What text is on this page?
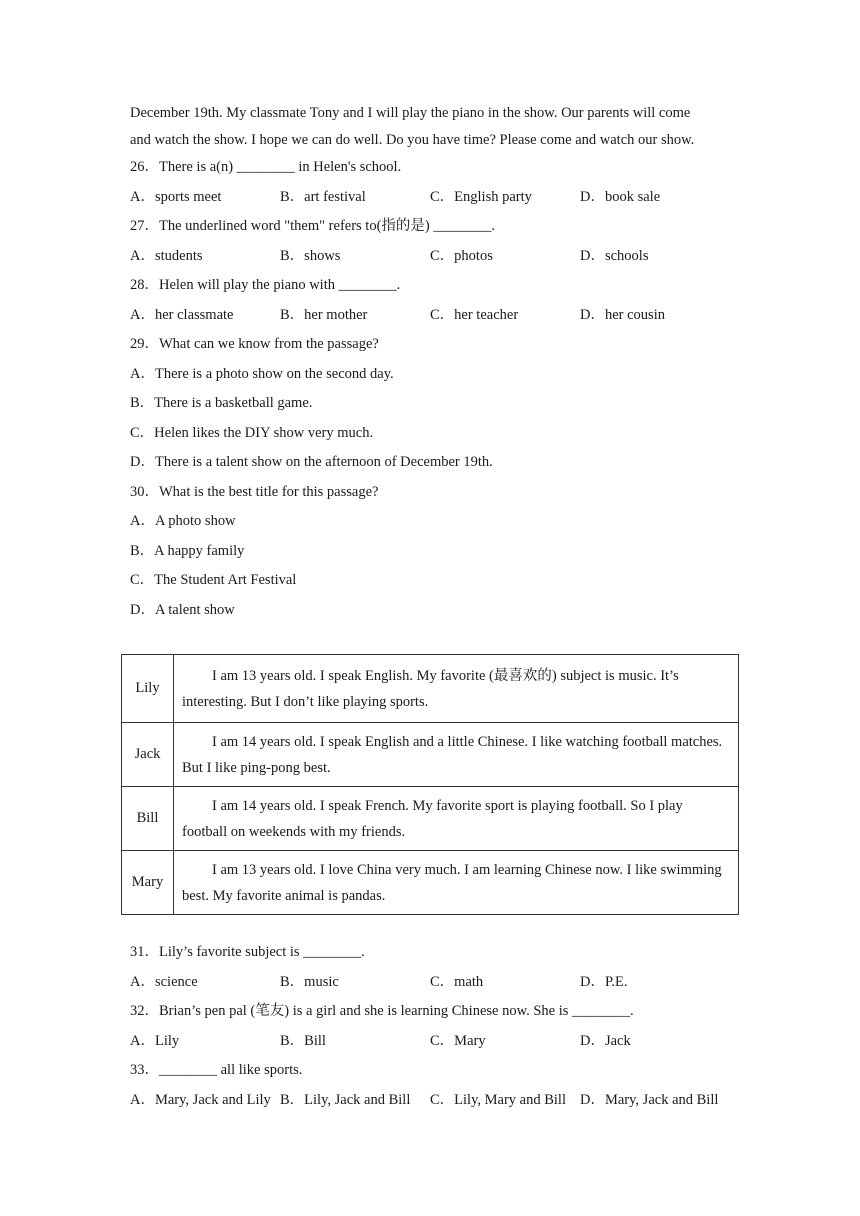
December 19th. My classmate Tony and I will play the piano in the show. Our parents will come
and watch the show. I hope we can do well. Do you have time? Please come and watch our show.
26．There is a(n) ________ in Helen's school.
A．sports meet	B．art festival	C．English party	D．book sale
27．The underlined word "them" refers to(指的是) ________.
A．students	B．shows	C．photos	D．schools
28．Helen will play the piano with ________.
A．her classmate	B．her mother	C．her teacher	D．her cousin
29．What can we know from the passage?
A．There is a photo show on the second day.
B．There is a basketball game.
C．Helen likes the DIY show very much.
D．There is a talent show on the afternoon of December 19th.
30．What is the best title for this passage?
A．A photo show
B．A happy family
C．The Student Art Festival
D．A talent show
Lily	I am 13 years old. I speak English. My favorite (最喜欢的) subject is music. It’s interesting. But I don’t like playing sports.
Jack	I am 14 years old. I speak English and a little Chinese. I like watching football matches. But I like ping-pong best.
Bill	I am 14 years old. I speak French. My favorite sport is playing football. So I play football on weekends with my friends.
Mary	I am 13 years old. I love China very much. I am learning Chinese now. I like swimming best. My favorite animal is pandas.
31．Lily’s favorite subject is ________.
A．science	B．music	C．math	D．P.E.
32．Brian’s pen pal (笔友) is a girl and she is learning Chinese now. She is ________.
A．Lily	B．Bill	C．Mary	D．Jack
33．________ all like sports.
A．Mary, Jack and Lily B．Lily, Jack and Bill	C．Lily, Mary and Bill D．Mary, Jack and Bill
